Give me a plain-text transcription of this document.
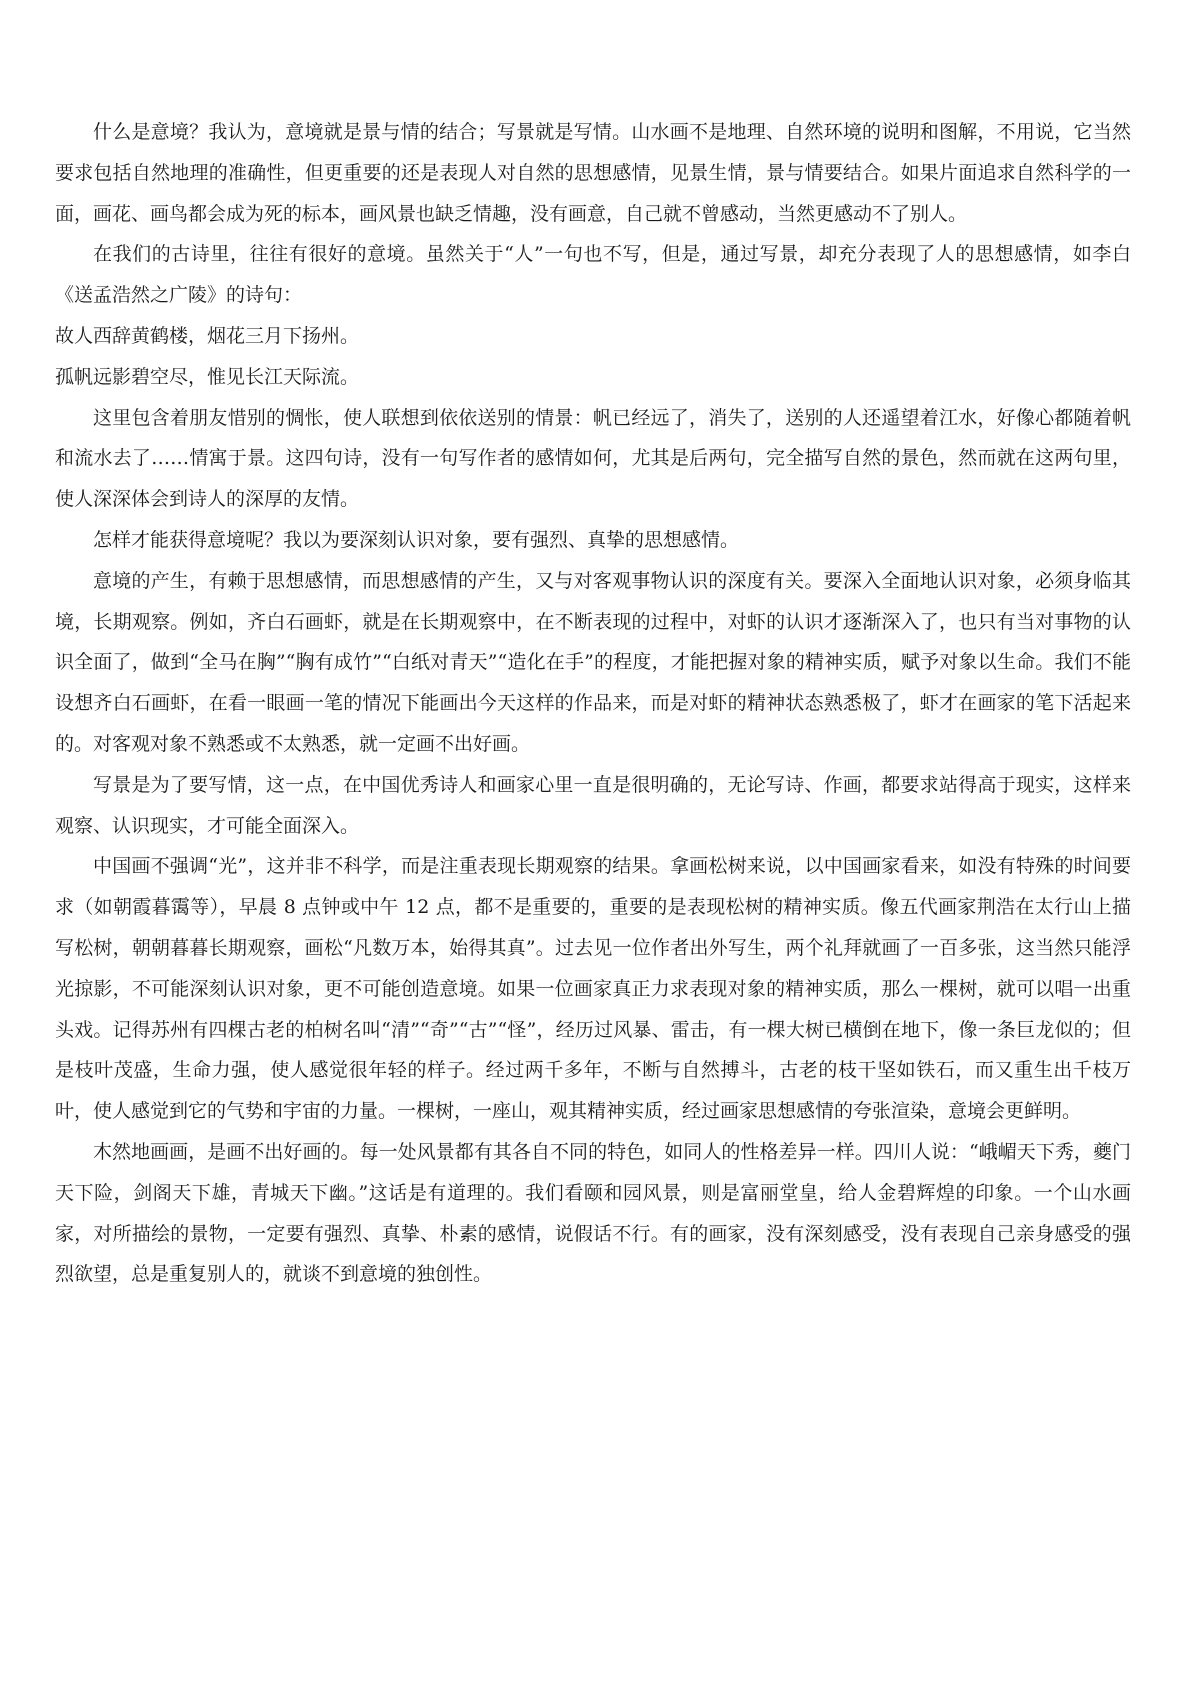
什么是意境？我认为，意境就是景与情的结合；写景就是写情。山水画不是地理、自然环境的说明和图解，不用说，它当然要求包括自然地理的准确性，但更重要的还是表现人对自然的思想感情，见景生情，景与情要结合。如果片面追求自然科学的一面，画花、画鸟都会成为死的标本，画风景也缺乏情趣，没有画意，自己就不曾感动，当然更感动不了别人。

在我们的古诗里，往往有很好的意境。虽然关于“人”一句也不写，但是，通过写景，却充分表现了人的思想感情，如李白《送孟浩然之广陵》的诗句：

故人西辞黄鹤楼，烟花三月下扬州。

孤帆远影碧空尽，惟见长江天际流。

这里包含着朋友惜别的惆怅，使人联想到依依送别的情景：帆已经远了，消失了，送别的人还遥望着江水，好像心都随着帆和流水去了……情寓于景。这四句诗，没有一句写作者的感情如何，尤其是后两句，完全描写自然的景色，然而就在这两句里，使人深深体会到诗人的深厚的友情。

怎样才能获得意境呢？我以为要深刻认识对象，要有强烈、真挚的思想感情。

意境的产生，有赖于思想感情，而思想感情的产生，又与对客观事物认识的深度有关。要深入全面地认识对象，必须身临其境，长期观察。例如，齐白石画虾，就是在长期观察中，在不断表现的过程中，对虾的认识才逐渐深入了，也只有当对事物的认识全面了，做到“全马在胸”“胸有成竹”“白纸对青天”“造化在手”的程度，才能把握对象的精神实质，赋予对象以生命。我们不能设想齐白石画虾，在看一眼画一笔的情况下能画出今天这样的作品来，而是对虾的精神状态熟悉极了，虾才在画家的笔下活起来的。对客观对象不熟悉或不太熟悉，就一定画不出好画。

写景是为了要写情，这一点，在中国优秀诗人和画家心里一直是很明确的，无论写诗、作画，都要求站得高于现实，这样来观察、认识现实，才可能全面深入。

中国画不强调“光”，这并非不科学，而是注重表现长期观察的结果。拿画松树来说，以中国画家看来，如没有特殊的时间要求（如朝霞暮霭等），早晨 8 点钟或中午 12 点，都不是重要的，重要的是表现松树的精神实质。像五代画家荆浩在太行山上描写松树，朝朝暮暮长期观察，画松“凡数万本，始得其真”。过去见一位作者出外写生，两个礼拜就画了一百多张，这当然只能浮光掠影，不可能深刻认识对象，更不可能创造意境。如果一位画家真正力求表现对象的精神实质，那么一棵树，就可以唱一出重头戏。记得苏州有四棵古老的柏树名叫“清”“奇”“古”“怪”，经历过风暴、雷击，有一棵大树已横倒在地下，像一条巨龙似的；但是枝叶茂盛，生命力强，使人感觉很年轻的样子。经过两千多年，不断与自然搏斗，古老的枝干坚如铁石，而又重生出千枝万叶，使人感觉到它的气势和宇宙的力量。一棵树，一座山，观其精神实质，经过画家思想感情的夸张渲染，意境会更鲜明。

木然地画画，是画不出好画的。每一处风景都有其各自不同的特色，如同人的性格差异一样。四川人说：“峨嵋天下秀，夔门天下险，剑阁天下雄，青城天下幽。”这话是有道理的。我们看颐和园风景，则是富丽堂皇，给人金碧辉煌的印象。一个山水画家，对所描绘的景物，一定要有强烈、真挚、朴素的感情，说假话不行。有的画家，没有深刻感受，没有表现自己亲身感受的强烈欲望，总是重复别人的，就谈不到意境的独创性。
